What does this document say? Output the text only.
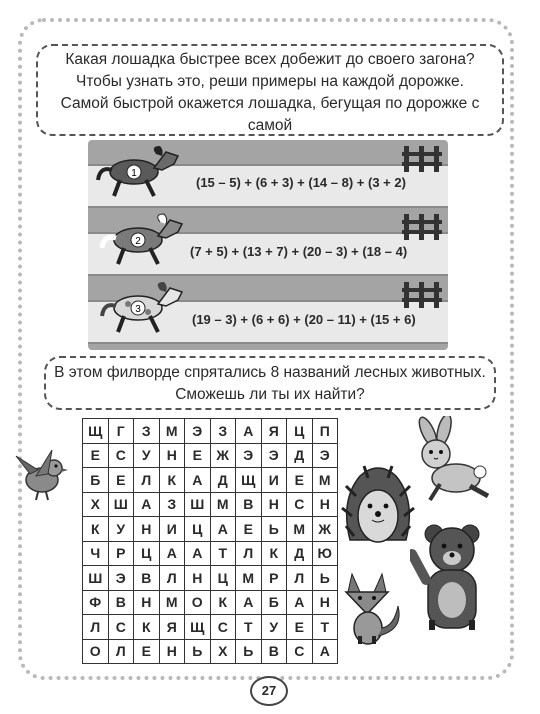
Какая лошадка быстрее всех добежит до своего загона?
Чтобы узнать это, реши примеры на каждой дорожке.
Самой быстрой окажется лошадка, бегущая по дорожке с самой
1
2
3
(15 – 5) + (6 + 3) + (14 – 8) + (3 + 2)
(7 + 5) + (13 + 7) + (20 – 3) + (18 – 4)
(19 – 3) + (6 + 6) + (20 – 11) + (15 + 6)
В этом филворде спрятались 8 названий лесных животных.
Сможешь ли ты их найти?
Щ	Г	З	М	Э	З	А	Я	Ц	П
Е	С	У	Н	Е	Ж	Э	Э	Д	Э
Б	Е	Л	К	А	Д	Щ	И	Е	М
Х	Ш	А	З	Ш	М	В	Н	С	Н
К	У	Н	И	Ц	А	Е	Ь	М	Ж
Ч	Р	Ц	А	А	Т	Л	К	Д	Ю
Ш	Э	В	Л	Н	Ц	М	Р	Л	Ь
Ф	В	Н	М	О	К	А	Б	А	Н
Л	С	К	Я	Щ	С	Т	У	Е	Т
О	Л	Е	Н	Ь	Х	Ь	В	С	А
27
